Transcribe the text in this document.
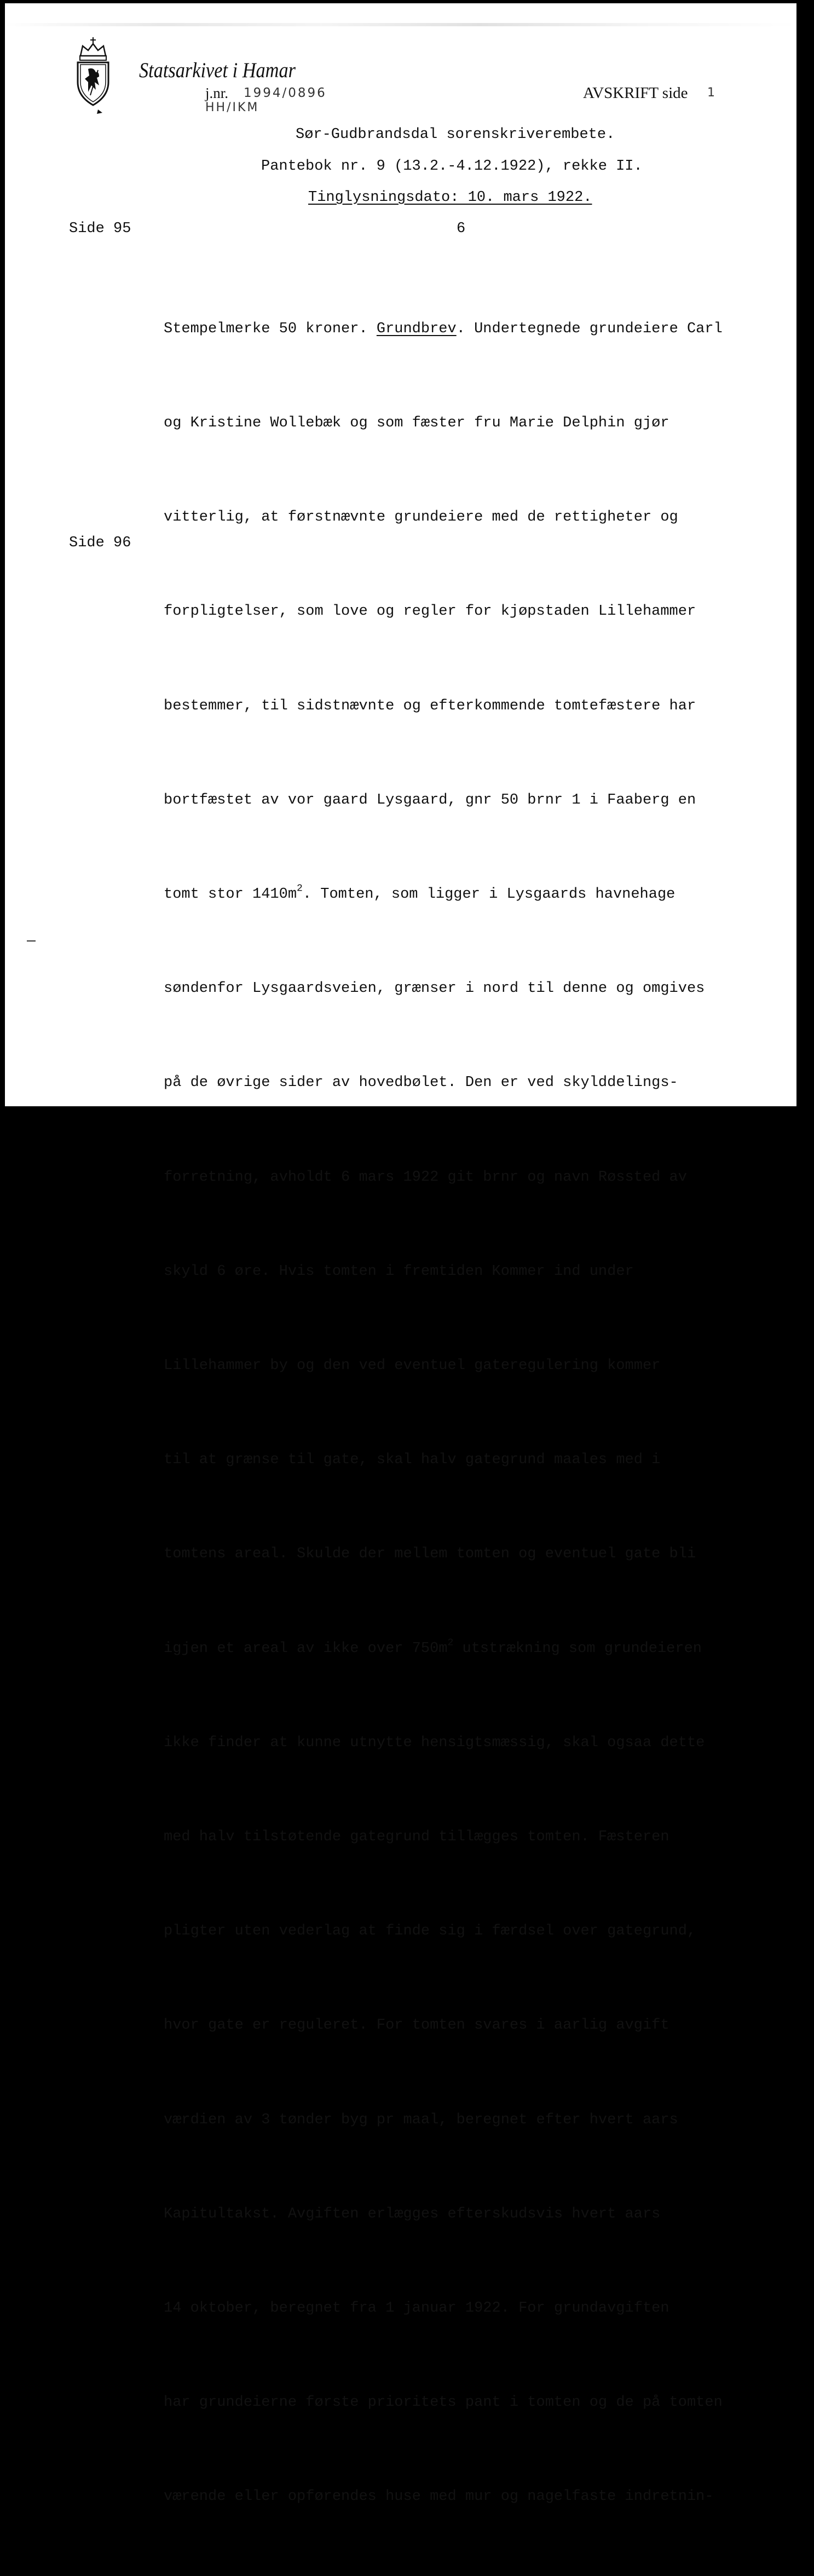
Statsarkivet i Hamar
j.nr. 1994/0896
HH/IKM
AVSKRIFT side 1
Sør-Gudbrandsdal sorenskriverembete.
Pantebok nr. 9 (13.2.-4.12.1922), rekke II.
Tinglysningsdato: 10. mars 1922.
Side 95	6
Side 96

Stempelmerke 50 kroner. Grundbrev. Undertegnede grundeiere Carl

og Kristine Wollebæk og som fæster fru Marie Delphin gjør

vitterlig, at førstnævnte grundeiere med de rettigheter og

forpligtelser, som love og regler for kjøpstaden Lillehammer

bestemmer, til sidstnævnte og efterkommende tomtefæstere har

bortfæstet av vor gaard Lysgaard, gnr 50 brnr 1 i Faaberg en

tomt stor $1410m^2$. Tomten, som ligger i Lysgaards havnehage

søndenfor Lysgaardsveien, grænser i nord til denne og omgives

på de øvrige sider av hovedbølet. Den er ved skylddelings-

forretning, avholdt 6 mars 1922 git brnr og navn Røssted av

skyld 6 øre. Hvis tomten i fremtiden Kommer ind under

Lillehammer by og den ved eventuel gateregulering kommer

til at grænse til gate, skal halv gategrund maales med i

tomtens areal. Skulde der mellem tomten og eventuel gate bli

igjen et areal av ikke over $750m^2$ utstrækning som grundeieren

ikke finder at kunne utnytte hensigtsmæssig, skal ogsaa dette

med halv tilstøtende gategrund tillægges tomten. Fæsteren

pligter uten vederlag at finde sig i færdsel over gategrund,

hvor gate er reguleret. For tomten svares i aarlig avgift

værdien av 3 tønder byg pr maal, beregnet efter hvert aars

Kapitultakst. Avgiften erlægges efterskudsvis hvert aars

14 oktober, beregnet fra 1 januar 1922. For grundavgiften

har grundeierne første prioritets pant i tomten og de på tomten

værende eller opførendes huse med mur og nagelfaste indretnin-
